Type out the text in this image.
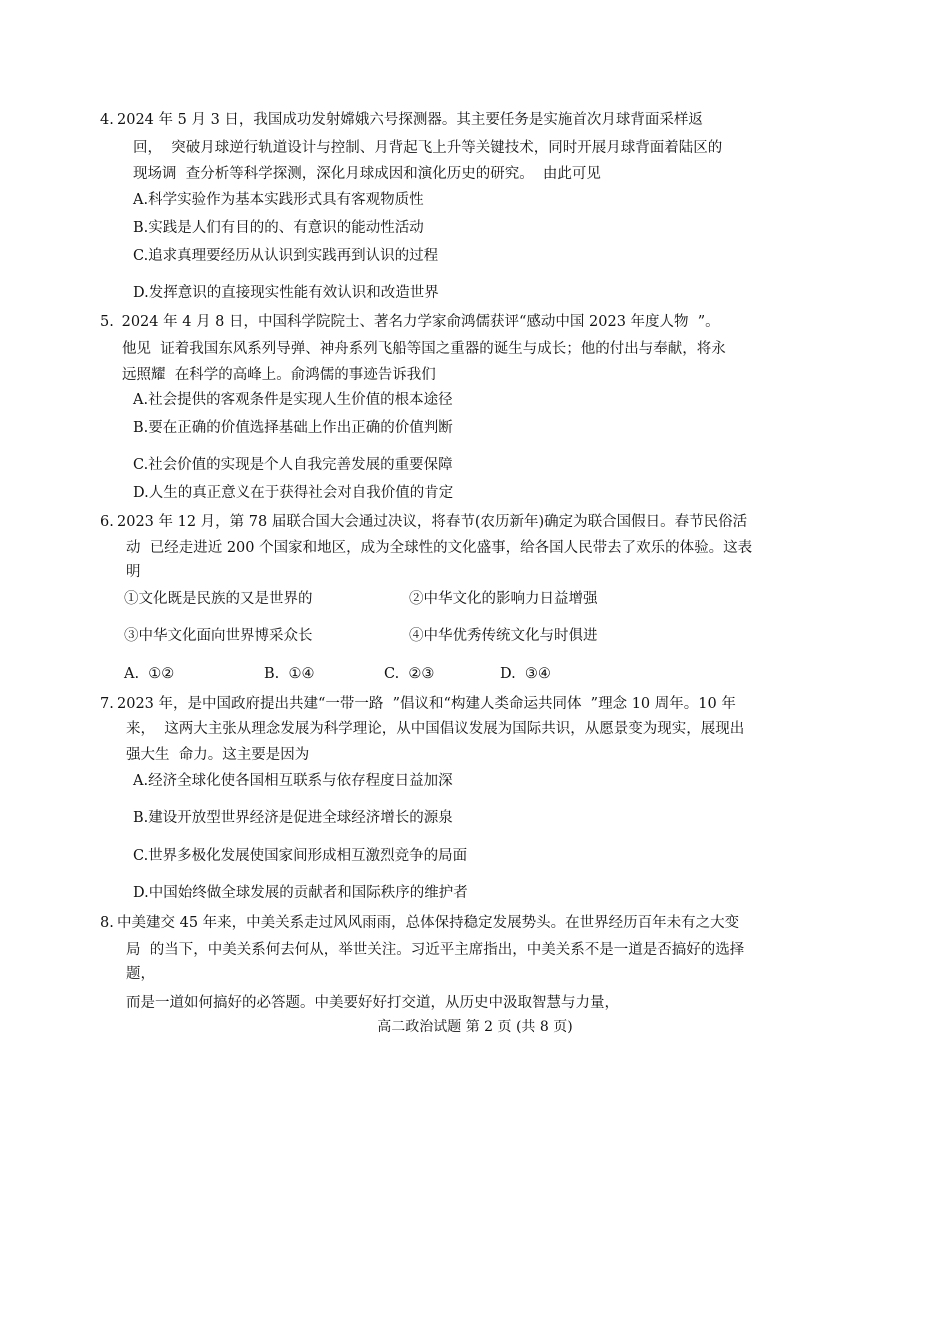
4. 2024 年 5 月 3 日，我国成功发射嫦娥六号探测器。其主要任务是实施首次月球背面采样返
回，  突破月球逆行轨道设计与控制、月背起飞上升等关键技术，同时开展月球背面着陆区的
现场调  查分析等科学探测，深化月球成因和演化历史的研究。  由此可见
A.科学实验作为基本实践形式具有客观物质性
B.实践是人们有目的的、有意识的能动性活动
C.追求真理要经历从认识到实践再到认识的过程
D.发挥意识的直接现实性能有效认识和改造世界
5. 2024 年 4 月 8 日，中国科学院院士、著名力学家俞鸿儒获评“感动中国 2023 年度人物  ”。
他见  证着我国东风系列导弹、神舟系列飞船等国之重器的诞生与成长；他的付出与奉献，将永
远照耀  在科学的高峰上。俞鸿儒的事迹告诉我们
A.社会提供的客观条件是实现人生价值的根本途径
B.要在正确的价值选择基础上作出正确的价值判断
C.社会价值的实现是个人自我完善发展的重要保障
D.人生的真正意义在于获得社会对自我价值的肯定
6. 2023 年 12 月，第 78 届联合国大会通过决议，将春节(农历新年)确定为联合国假日。春节民俗活
动  已经走进近 200 个国家和地区，成为全球性的文化盛事，给各国人民带去了欢乐的体验。这表
明
①文化既是民族的又是世界的	②中华文化的影响力日益增强
③中华文化面向世界博采众长	④中华优秀传统文化与时俱进
A.  ①②	B.  ①④	C.  ②③	D.  ③④
7. 2023 年，是中国政府提出共建“一带一路  ”倡议和“构建人类命运共同体  ”理念 10 周年。10 年
来，  这两大主张从理念发展为科学理论，从中国倡议发展为国际共识，从愿景变为现实，展现出
强大生  命力。这主要是因为
A.经济全球化使各国相互联系与依存程度日益加深
B.建设开放型世界经济是促进全球经济增长的源泉
C.世界多极化发展使国家间形成相互激烈竞争的局面
D.中国始终做全球发展的贡献者和国际秩序的维护者
8. 中美建交 45 年来，中美关系走过风风雨雨，总体保持稳定发展势头。在世界经历百年未有之大变
局  的当下，中美关系何去何从，举世关注。习近平主席指出，中美关系不是一道是否搞好的选择
题，
而是一道如何搞好的必答题。中美要好好打交道，从历史中汲取智慧与力量，
高二政治试题 第 2 页 (共 8 页)
